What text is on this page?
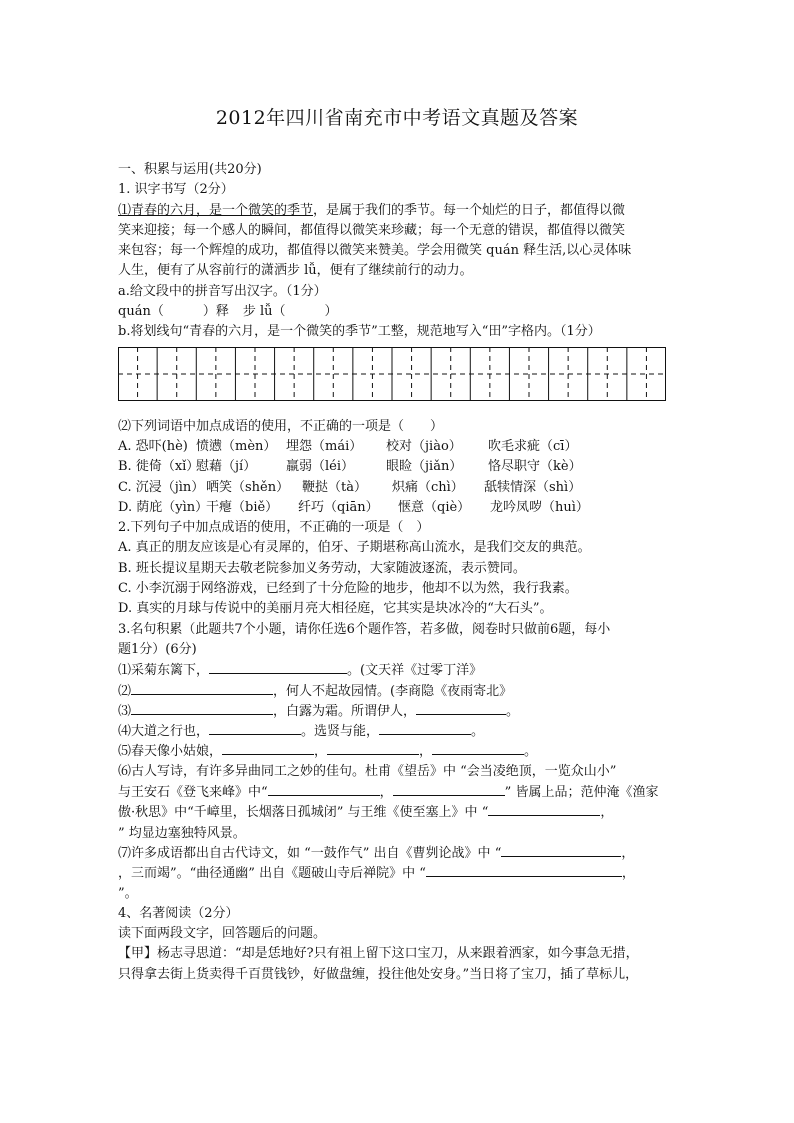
2012年四川省南充市中考语文真题及答案
一、积累与运用(共20分)
1. 识字书写（2分）
⑴青春的六月，是一个微笑的季节，是属于我们的季节。每一个灿烂的日子，都值得以微
笑来迎接；每一个感人的瞬间，都值得以微笑来珍藏；每一个无意的错误，都值得以微笑
来包容；每一个辉煌的成功，都值得以微笑来赞美。学会用微笑 quán 释生活,以心灵体味
人生，便有了从容前行的潇洒步 lǚ，便有了继续前行的动力。
a.给文段中的拼音写出汉字。（1分）
quán（　　　）释 步 lǚ（　　　）
b.将划线句“青春的六月，是一个微笑的季节”工整，规范地写入“田”字格内。（1分）
⑵下列词语中加点成语的使用，不正确的一项是（　　）
A. 恐吓(hè) 愤懑（mèn） 埋怨（mái） 校对（jiào） 吹毛求疵（cī）
B. 徙倚（xǐ）慰藉（jí） 羸弱（léi） 眼睑（jiǎn） 恪尽职守（kè）
C. 沉浸（jìn） 哂笑（shěn） 鞭挞（tà） 炽痛（chì） 舐犊情深（shì）
D. 荫庇（yìn）干瘪（biě） 纤巧（qiān） 惬意（qiè） 龙吟凤哕（huì）
2.下列句子中加点成语的使用，不正确的一项是（　）
A. 真正的朋友应该是心有灵犀的，伯牙、子期堪称高山流水，是我们交友的典范。
B. 班长提议星期天去敬老院参加义务劳动，大家随波逐流，表示赞同。
C. 小李沉溺于网络游戏，已经到了十分危险的地步，他却不以为然，我行我素。
D. 真实的月球与传说中的美丽月亮大相径庭，它其实是块冰冷的“大石头”。
3.名句积累（此题共7个小题，请你任选6个题作答，若多做，阅卷时只做前6题，每小
题1分）(6分)
⑴采菊东篱下，	。(文天祥《过零丁洋》
⑵	，何人不起故园情。(李商隐《夜雨寄北》
⑶	，白露为霜。所谓伊人，	。
⑷大道之行也，	。选贤与能，	。
⑸春天像小姑娘，	，	，	。
⑹古人写诗，有许多异曲同工之妙的佳句。杜甫《望岳》中 “会当凌绝顶，一览众山小”
与王安石《登飞来峰》中“	，	” 皆属上品；范仲淹《渔家
傲·秋思》中“千嶂里，长烟落日孤城闭” 与王维《使至塞上》中 “	，
” 均显边塞独特风景。
⑺许多成语都出自古代诗文，如 “一鼓作气” 出自《曹刿论战》中 “	，
，三而竭”。“曲径通幽” 出自《题破山寺后禅院》中 “	，
”。
4、名著阅读（2分）
读下面两段文字，回答题后的问题。
【甲】杨志寻思道：“却是恁地好?只有祖上留下这口宝刀，从来跟着洒家，如今事急无措，
只得拿去街上货卖得千百贯钱钞，好做盘缠，投往他处安身。”当日将了宝刀，插了草标儿，
